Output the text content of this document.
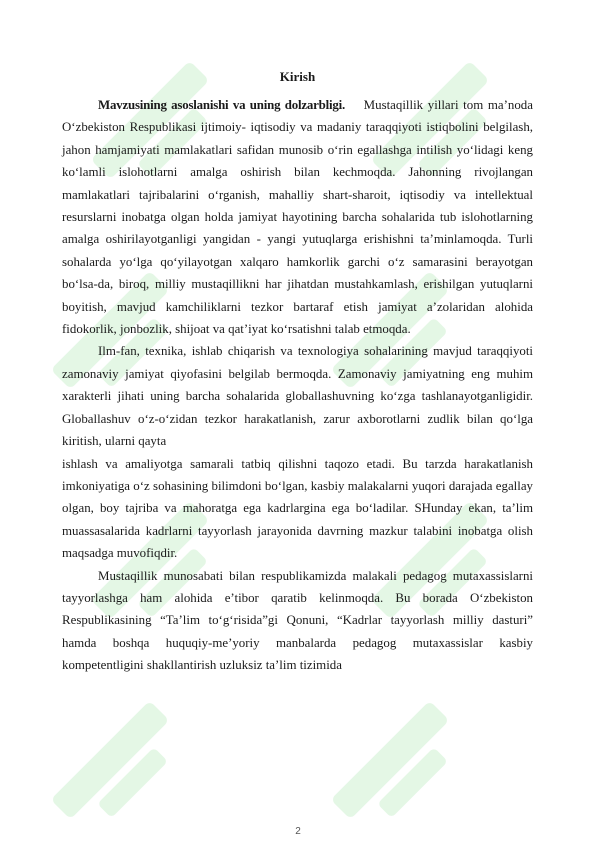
Kirish

Mavzusining asoslanishi va uning dolzarbligi. Mustaqillik yillari tom ma’noda O‘zbekiston Respublikasi ijtimoiy- iqtisodiy va madaniy taraqqiyoti istiqbolini belgilash, jahon hamjamiyati mamlakatlari safidan munosib o‘rin egallashga intilish yo‘lidagi keng ko‘lamli islohotlarni amalga oshirish bilan kechmoqda. Jahonning rivojlangan mamlakatlari tajribalarini o‘rganish, mahalliy shart-sharoit, iqtisodiy va intellektual resurslarni inobatga olgan holda jamiyat hayotining barcha sohalarida tub islohotlarning amalga oshirilayotganligi yangidan - yangi yutuqlarga erishishni ta’minlamoqda. Turli sohalarda yo‘lga qo‘yilayotgan xalqaro hamkorlik garchi o‘z samarasini berayotgan bo‘lsa-da, biroq, milliy mustaqillikni har jihatdan mustahkamlash, erishilgan yutuqlarni boyitish, mavjud kamchiliklarni tezkor bartaraf etish jamiyat a’zolaridan alohida fidokorlik, jonbozlik, shijoat va qat’iyat ko‘rsatishni talab etmoqda.

Ilm-fan, texnika, ishlab chiqarish va texnologiya sohalarining mavjud taraqqiyoti zamonaviy jamiyat qiyofasini belgilab bermoqda. Zamonaviy jamiyatning eng muhim xarakterli jihati uning barcha sohalarida globallashuvning ko‘zga tashlanayotganligidir. Globallashuv o‘z-o‘zidan tezkor harakatlanish, zarur axborotlarni zudlik bilan qo‘lga kiritish, ularni qayta

ishlash va amaliyotga samarali tatbiq qilishni taqozo etadi. Bu tarzda harakatlanish imkoniyatiga o‘z sohasining bilimdoni bo‘lgan, kasbiy malakalarni yuqori darajada egallay olgan, boy tajriba va mahoratga ega kadrlargina ega bo‘ladilar. SHunday ekan, ta’lim muassasalarida kadrlarni tayyorlash jarayonida davrning mazkur talabini inobatga olish maqsadga muvofiqdir.

Mustaqillik munosabati bilan respublikamizda malakali pedagog mutaxassislarni tayyorlashga ham alohida e’tibor qaratib kelinmoqda. Bu borada O‘zbekiston Respublikasining “Ta’lim to‘g‘risida”gi Qonuni, “Kadrlar tayyorlash milliy dasturi” hamda boshqa huquqiy-me’yoriy manbalarda pedagog mutaxassislar kasbiy kompetentligini shakllantirish uzluksiz ta’lim tizimida

2
